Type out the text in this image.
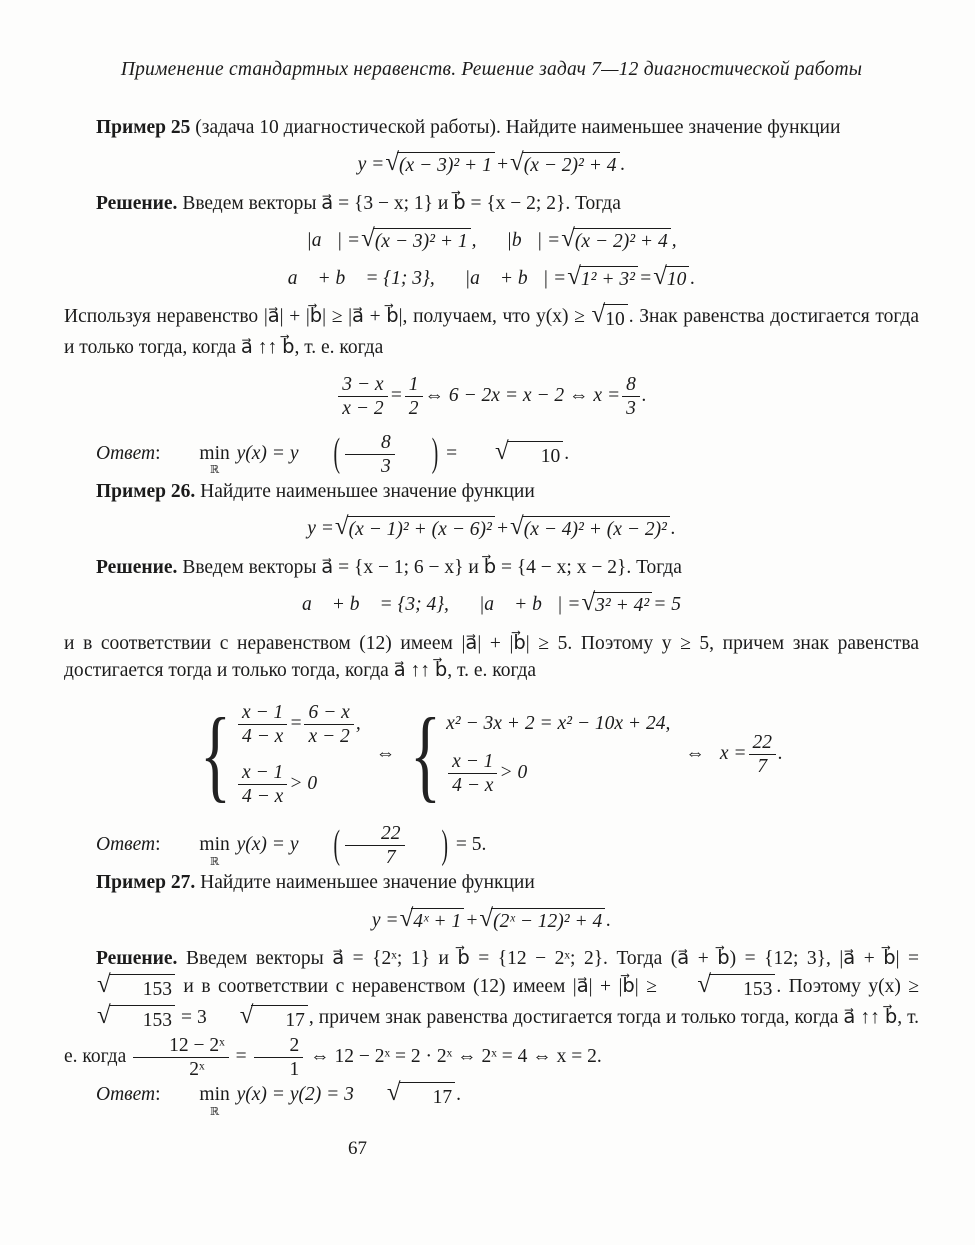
Применение стандартных неравенств. Решение задач 7—12 диагностической работы

Пример 25 (задача 10 диагностической работы). Найдите наименьшее значение функции

y = √ (x − 3)² + 1 + √ (x − 2)² + 4 .

Решение. Введем векторы a⃗ = {3 − x; 1} и b⃗ = {x − 2; 2}. Тогда

|a⃗| = √ (x − 3)² + 1 , |b⃗| = √ (x − 2)² + 4 ,
a⃗ + b⃗ = {1; 3}, |a⃗ + b⃗| = √ 1² + 3² = √ 10 .

Используя неравенство |a⃗| + |b⃗| ≥ |a⃗ + b⃗|, получаем, что y(x) ≥ √ 10 . Знак равенства достигается тогда и только тогда, когда a⃗ ↑↑ b⃗, т. е. когда

$\frac{3 - x}{x - 2} = \frac{1}{2}$ ⇔ 6 − 2x = x − 2 ⇔ $x = \frac{8}{3}$ .

Ответ:	min
ℝ
y(x) = y ( $\frac{8}{3}$ ) =	√	10 .

Пример 26. Найдите наименьшее значение функции

y = √ (x − 1)² + (x − 6)² + √ (x − 4)² + (x − 2)² .

Решение. Введем векторы a⃗ = {x − 1; 6 − x} и b⃗ = {4 − x; x − 2}. Тогда

a⃗ + b⃗ = {3; 4}, |a⃗ + b⃗| = √ 3² + 4² = 5

и в соответствии с неравенством (12) имеем |a⃗| + |b⃗| ≥ 5. Поэтому y ≥ 5, причем знак равенства достигается тогда и только тогда, когда a⃗ ↑↑ b⃗, т. е. когда

{ $\frac{x - 1}{4 - x} = \frac{6 - x}{x - 2}$ ,
$\frac{x - 1}{4 - x} > 0$
⇔ { x² − 3x + 2 = x² − 10x + 24,
$\frac{x - 1}{4 - x} > 0$
⇔ $x = \frac{22}{7}$ .

Ответ:	min
ℝ
y(x) = y ( $\frac{22}{7}$ ) = 5.

Пример 27. Найдите наименьшее значение функции

y = √ 4ˣ + 1 + √ (2ˣ − 12)² + 4 .

Решение. Введем векторы a⃗ = {2ˣ; 1} и b⃗ = {12 − 2ˣ; 2}. Тогда (a⃗ + b⃗) = {12; 3}, |a⃗ + b⃗| =
√	153 и в соответствии с неравенством (12) имеем |a⃗| + |b⃗| ≥	√	153 . Поэтому y(x) ≥
√	153 = 3	√	17 , причем знак равенства достигается тогда и только тогда, когда a⃗ ↑↑ b⃗, т. е. когда $\frac{\text{12 − 2ˣ}}{\text{2ˣ}} = \frac{2}{1}$ ⇔ 12 − 2ˣ = 2 · 2ˣ ⇔ 2ˣ = 4 ⇔ x = 2.

Ответ:	min
ℝ
y(x) = y(2) = 3	√	17 .

67
